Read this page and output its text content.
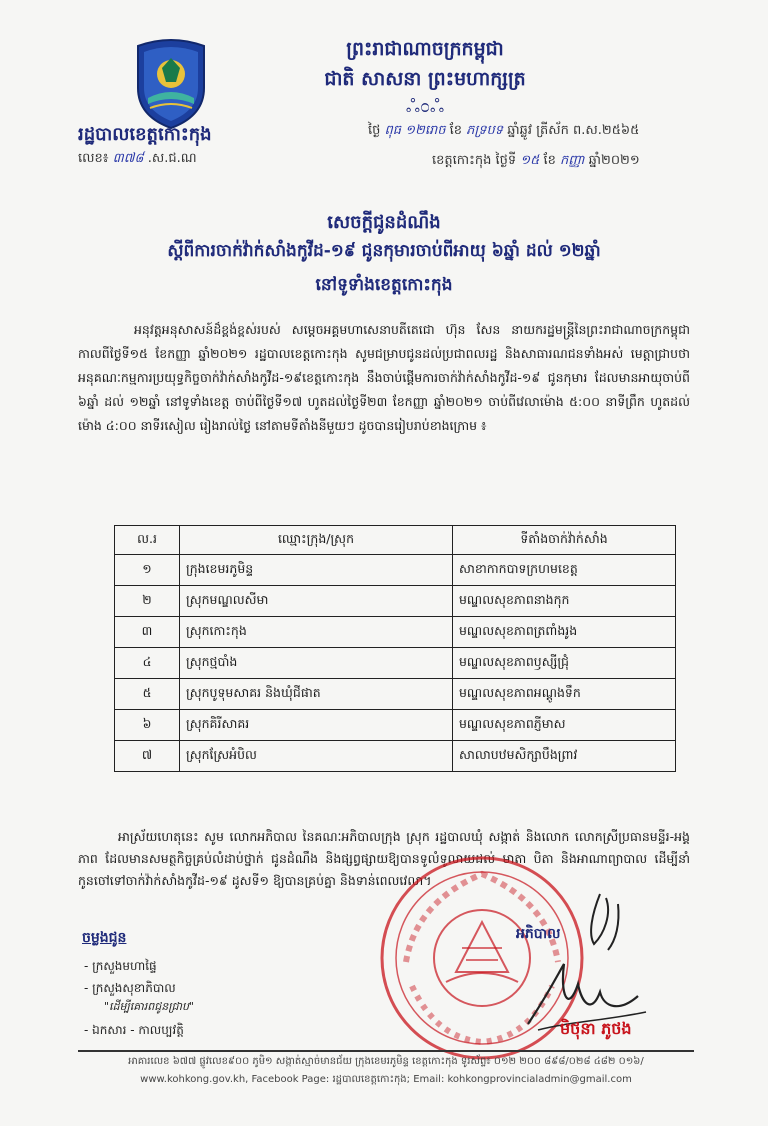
ព្រះរាជាណាចក្រកម្ពុជា
ជាតិ សាសនា ព្រះមហាក្សត្រ
ஃ೦ஃ
រដ្ឋបាលខេត្តកោះកុង
លេខ៖ ៣៧៨ .ស.ជ.ណ
ថ្ងៃ ពុធ ១២រោច ខែ ភទ្របទ ឆ្នាំឆ្លូវ ត្រីស័ក ព.ស.២៥៦៥
ខេត្តកោះកុង ថ្ងៃទី ១៥ ខែ កញ្ញា ឆ្នាំ២០២១
សេចក្តីជូនដំណឹង
ស្តីពីការចាក់វ៉ាក់សាំងកូវីដ-១៩ ជូនកុមារចាប់ពីអាយុ ៦ឆ្នាំ ដល់ ១២ឆ្នាំ
នៅទូទាំងខេត្តកោះកុង
អនុវត្តអនុសាសន៍ដ៏ខ្ពង់ខ្ពស់របស់ សម្តេចអគ្គមហាសេនាបតីតេជោ ហ៊ុន សែន នាយករដ្ឋមន្ត្រីនៃព្រះរាជាណាចក្រកម្ពុជា កាលពីថ្ងៃទី១៥ ខែកញ្ញា ឆ្នាំ២០២១ រដ្ឋបាលខេត្តកោះកុង សូមជម្រាបជូនដល់ប្រជាពលរដ្ឋ និងសាធារណជនទាំងអស់ មេត្តាជ្រាបថា អនុគណៈកម្មការប្រយុទ្ធកិច្ចចាក់វ៉ាក់សាំងកូវីដ-១៩ខេត្តកោះកុង នឹងចាប់ផ្តើមការចាក់វ៉ាក់សាំងកូវីដ-១៩ ជូនកុមារ ដែលមានអាយុចាប់ពី ៦ឆ្នាំ ដល់ ១២ឆ្នាំ នៅទូទាំងខេត្ត ចាប់ពីថ្ងៃទី១៧ ហូតដល់ថ្ងៃទី២៣ ខែកញ្ញា ឆ្នាំ២០២១ ចាប់ពីវេលាម៉ោង ៥:០០ នាទីព្រឹក ហូតដល់ម៉ោង ៤:០០ នាទីរសៀល រៀងរាល់ថ្ងៃ នៅតាមទីតាំងនីមួយៗ ដូចបានរៀបរាប់ខាងក្រោម ៖
ល.រ	ឈ្មោះក្រុង/ស្រុក	ទីតាំងចាក់វ៉ាក់សាំង
១	ក្រុងខេមរភូមិន្ទ	សាខាកាកបាទក្រហមខេត្ត
២	ស្រុកមណ្ឌលសីមា	មណ្ឌលសុខភាពនាងកុក
៣	ស្រុកកោះកុង	មណ្ឌលសុខភាពត្រពាំងរូង
៤	ស្រុកថ្មបាំង	មណ្ឌលសុខភាពឫស្សីជ្រុំ
៥	ស្រុកបូទុមសាគរ និងឃុំជីផាត	មណ្ឌលសុខភាពអណ្តូងទឹក
៦	ស្រុកគិរីសាគរ	មណ្ឌលសុខភាពភ្ញីមាស
៧	ស្រុកស្រែអំបិល	សាលាបឋមសិក្សាបឹងព្រាវ
អាស្រ័យហេតុនេះ សូម លោកអភិបាល នៃគណៈអភិបាលក្រុង ស្រុក រដ្ឋបាលឃុំ សង្កាត់ និងលោក លោកស្រីប្រធានមន្ទីរ-អង្គភាព ដែលមានសមត្ថកិច្ចគ្រប់លំដាប់ថ្នាក់ ជូនដំណឹង និងផ្សព្វផ្សាយឱ្យបានទូលំទូលាយដល់ មាតា បិតា និងអាណាព្យាបាល ដើម្បីនាំកូនចៅទៅចាក់វ៉ាក់សាំងកូវីដ-១៩ ដូសទី១ ឱ្យបានគ្រប់គ្នា និងទាន់ពេលវេលា។
អភិបាល
មិថុនា ភូថង
ចម្លងជូន
- ក្រសួងមហាផ្ទៃ
- ក្រសួងសុខាភិបាល
"ដើម្បីគោរពជូនជ្រាប"
- ឯកសារ - កាលប្បវត្តិ
អាគារលេខ ៦៧៧ ផ្លូវលេខ៩០០ ភូមិ១ សង្កាត់ស្មាច់មានជ័យ ក្រុងខេមរភូមិន្ទ ខេត្តកោះកុង ទូរស័ព្ទ៖ ០១២ ២០០ ៨៩៨/០២៨ ៤៨២ ០១៦/
www.kohkong.gov.kh, Facebook Page: រដ្ឋបាលខេត្តកោះកុង; Email: kohkongprovincialadmin@gmail.com
